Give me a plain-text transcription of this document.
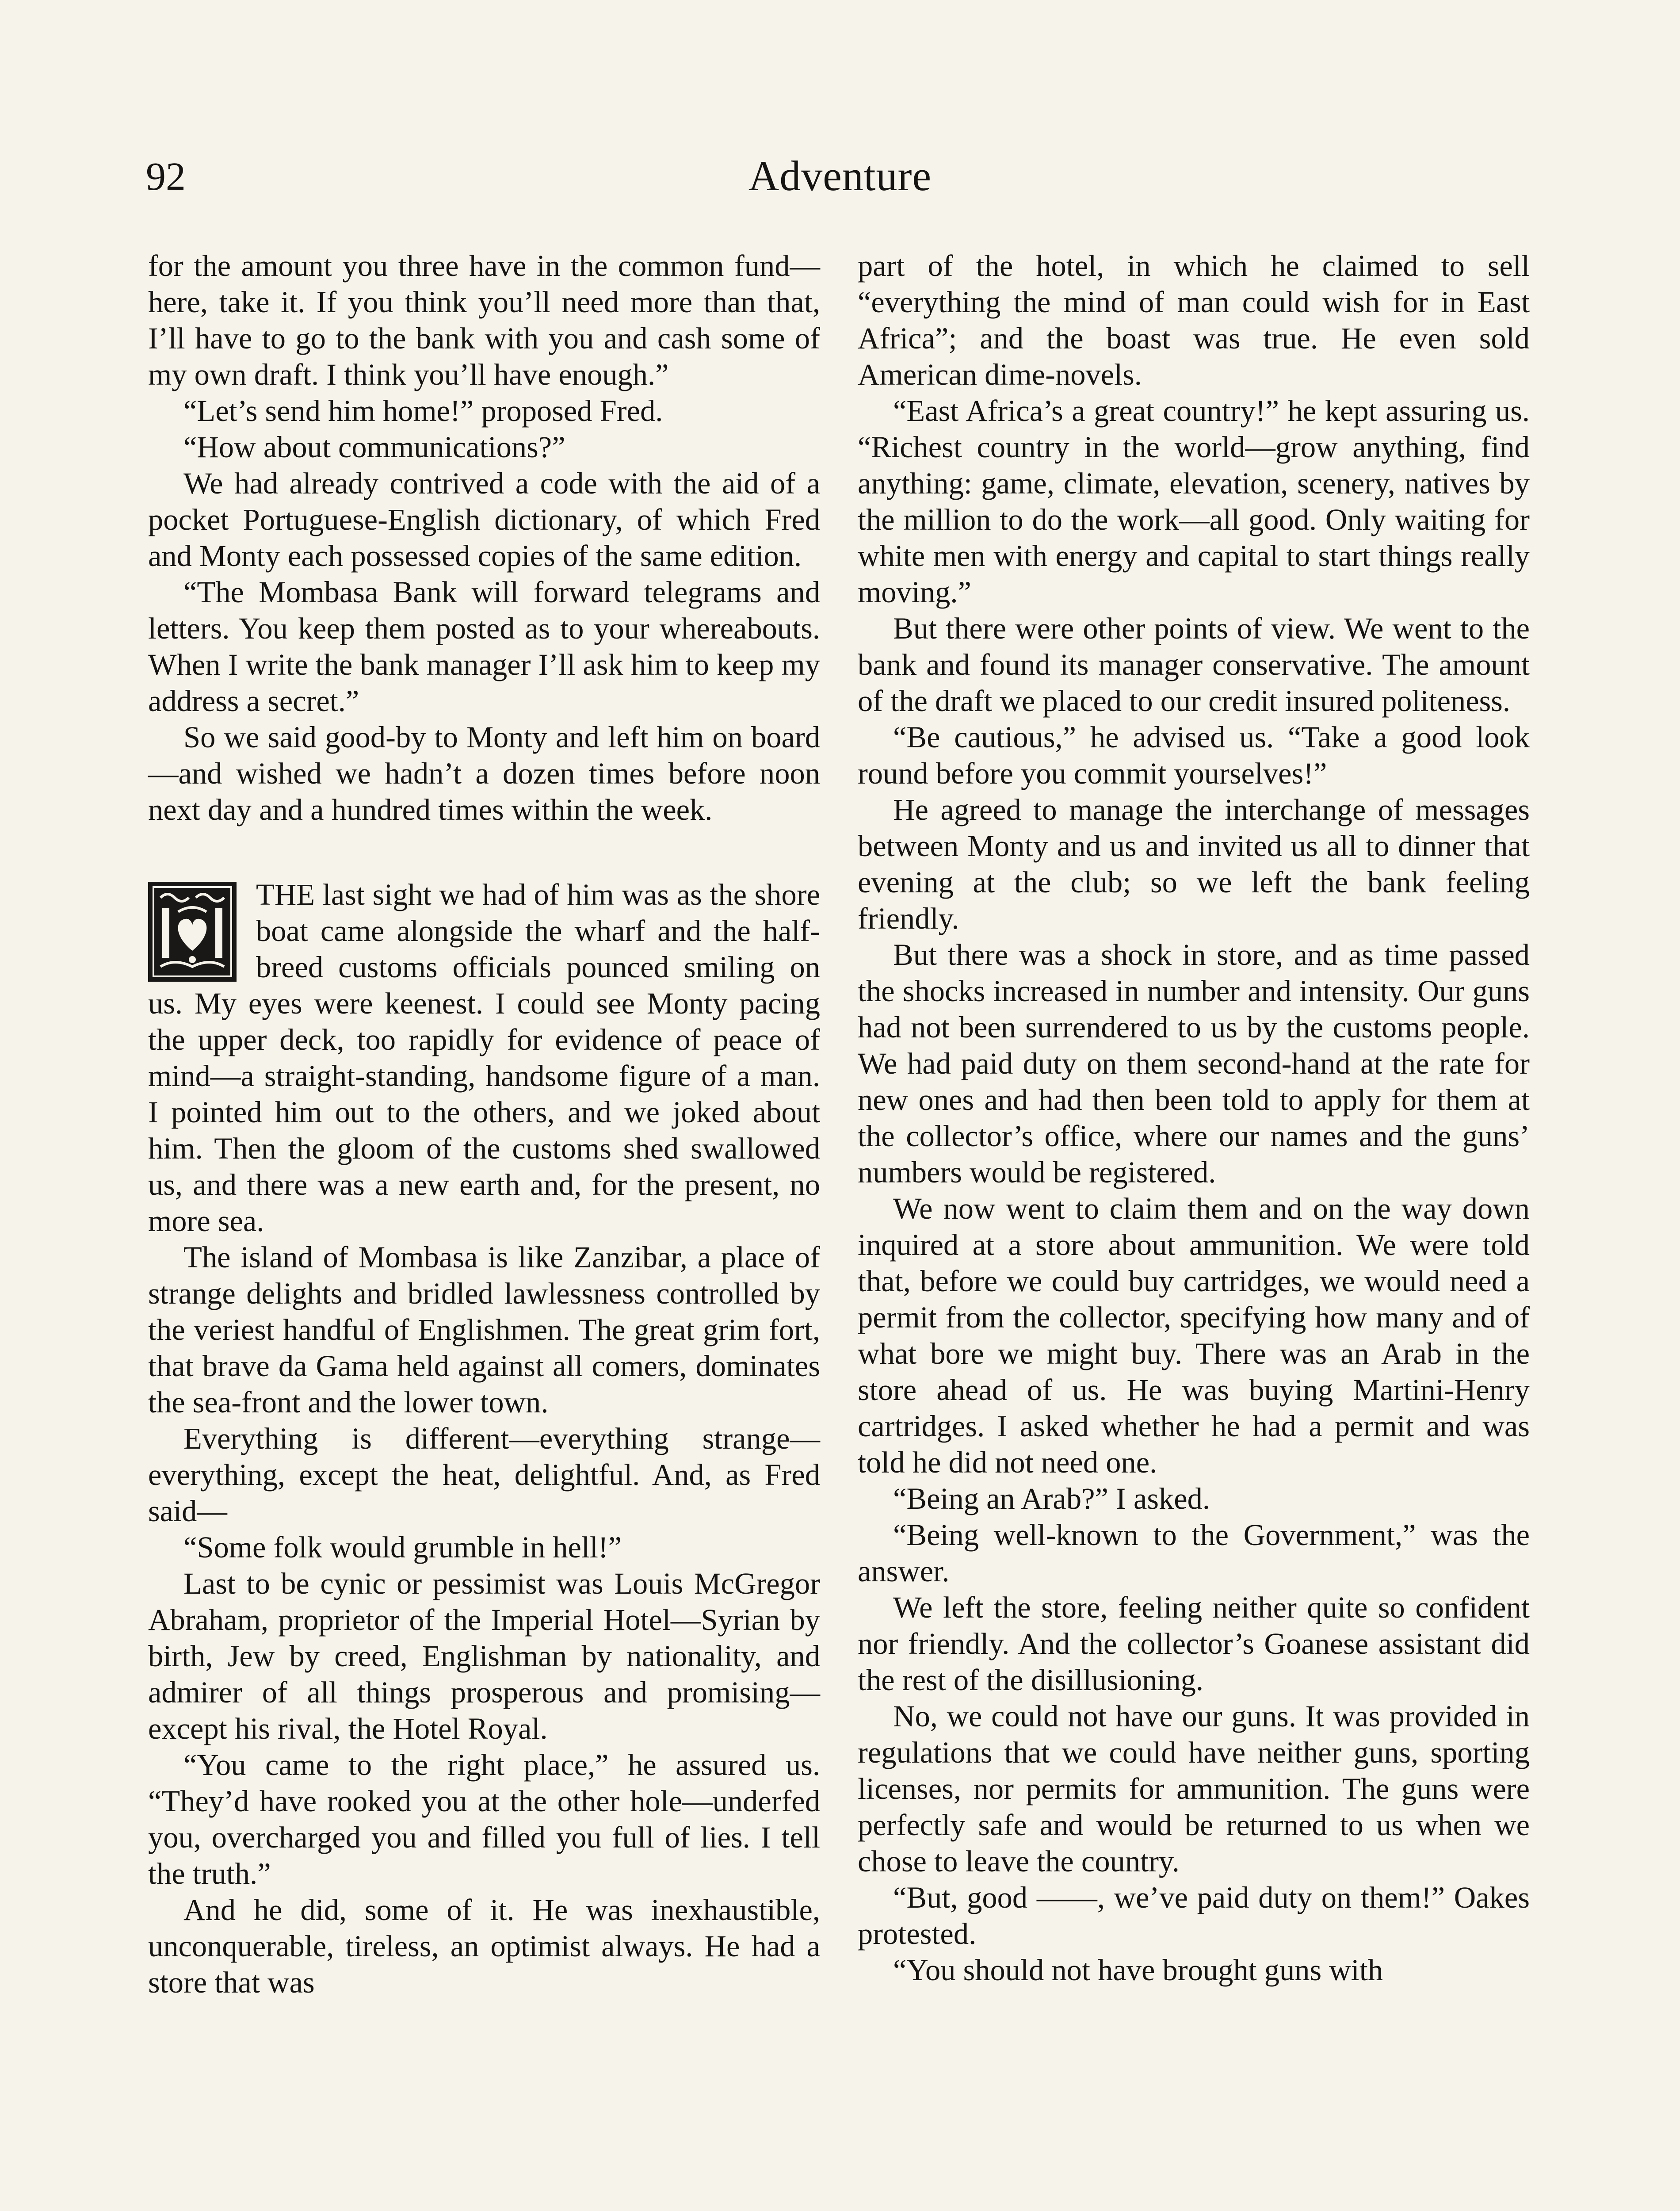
92	Adventure

for the amount you three have in the common fund—here, take it. If you think you’ll need more than that, I’ll have to go to the bank with you and cash some of my own draft. I think you’ll have enough.”

“Let’s send him home!” proposed Fred.

“How about communications?”

We had already contrived a code with the aid of a pocket Portuguese-English dictionary, of which Fred and Monty each possessed copies of the same edition.

“The Mombasa Bank will forward telegrams and letters. You keep them posted as to your whereabouts. When I write the bank manager I’ll ask him to keep my address a secret.”

So we said good-by to Monty and left him on board—and wished we hadn’t a dozen times before noon next day and a hundred times within the week.

THE last sight we had of him was as the shore boat came alongside the wharf and the half-breed customs officials pounced smiling on us. My eyes were keenest. I could see Monty pacing the upper deck, too rapidly for evidence of peace of mind—a straight-standing, handsome figure of a man. I pointed him out to the others, and we joked about him. Then the gloom of the customs shed swallowed us, and there was a new earth and, for the present, no more sea.

The island of Mombasa is like Zanzibar, a place of strange delights and bridled lawlessness controlled by the veriest handful of Englishmen. The great grim fort, that brave da Gama held against all comers, dominates the sea-front and the lower town.

Everything is different—everything strange—everything, except the heat, delightful. And, as Fred said—

“Some folk would grumble in hell!”

Last to be cynic or pessimist was Louis McGregor Abraham, proprietor of the Imperial Hotel—Syrian by birth, Jew by creed, Englishman by nationality, and admirer of all things prosperous and promising—except his rival, the Hotel Royal.

“You came to the right place,” he assured us. “They’d have rooked you at the other hole—underfed you, overcharged you and filled you full of lies. I tell the truth.”

And he did, some of it. He was inexhaustible, unconquerable, tireless, an optimist always. He had a store that was

part of the hotel, in which he claimed to sell “everything the mind of man could wish for in East Africa”; and the boast was true. He even sold American dime-novels.

“East Africa’s a great country!” he kept assuring us. “Richest country in the world—grow anything, find anything: game, climate, elevation, scenery, natives by the million to do the work—all good. Only waiting for white men with energy and capital to start things really moving.”

But there were other points of view. We went to the bank and found its manager conservative. The amount of the draft we placed to our credit insured politeness.

“Be cautious,” he advised us. “Take a good look round before you commit yourselves!”

He agreed to manage the interchange of messages between Monty and us and invited us all to dinner that evening at the club; so we left the bank feeling friendly.

But there was a shock in store, and as time passed the shocks increased in number and intensity. Our guns had not been surrendered to us by the customs people. We had paid duty on them second-hand at the rate for new ones and had then been told to apply for them at the collector’s office, where our names and the guns’ numbers would be registered.

We now went to claim them and on the way down inquired at a store about ammunition. We were told that, before we could buy cartridges, we would need a permit from the collector, specifying how many and of what bore we might buy. There was an Arab in the store ahead of us. He was buying Martini-Henry cartridges. I asked whether he had a permit and was told he did not need one.

“Being an Arab?” I asked.

“Being well-known to the Government,” was the answer.

We left the store, feeling neither quite so confident nor friendly. And the collector’s Goanese assistant did the rest of the disillusioning.

No, we could not have our guns. It was provided in regulations that we could have neither guns, sporting licenses, nor permits for ammunition. The guns were perfectly safe and would be returned to us when we chose to leave the country.

“But, good ——, we’ve paid duty on them!” Oakes protested.

“You should not have brought guns with
